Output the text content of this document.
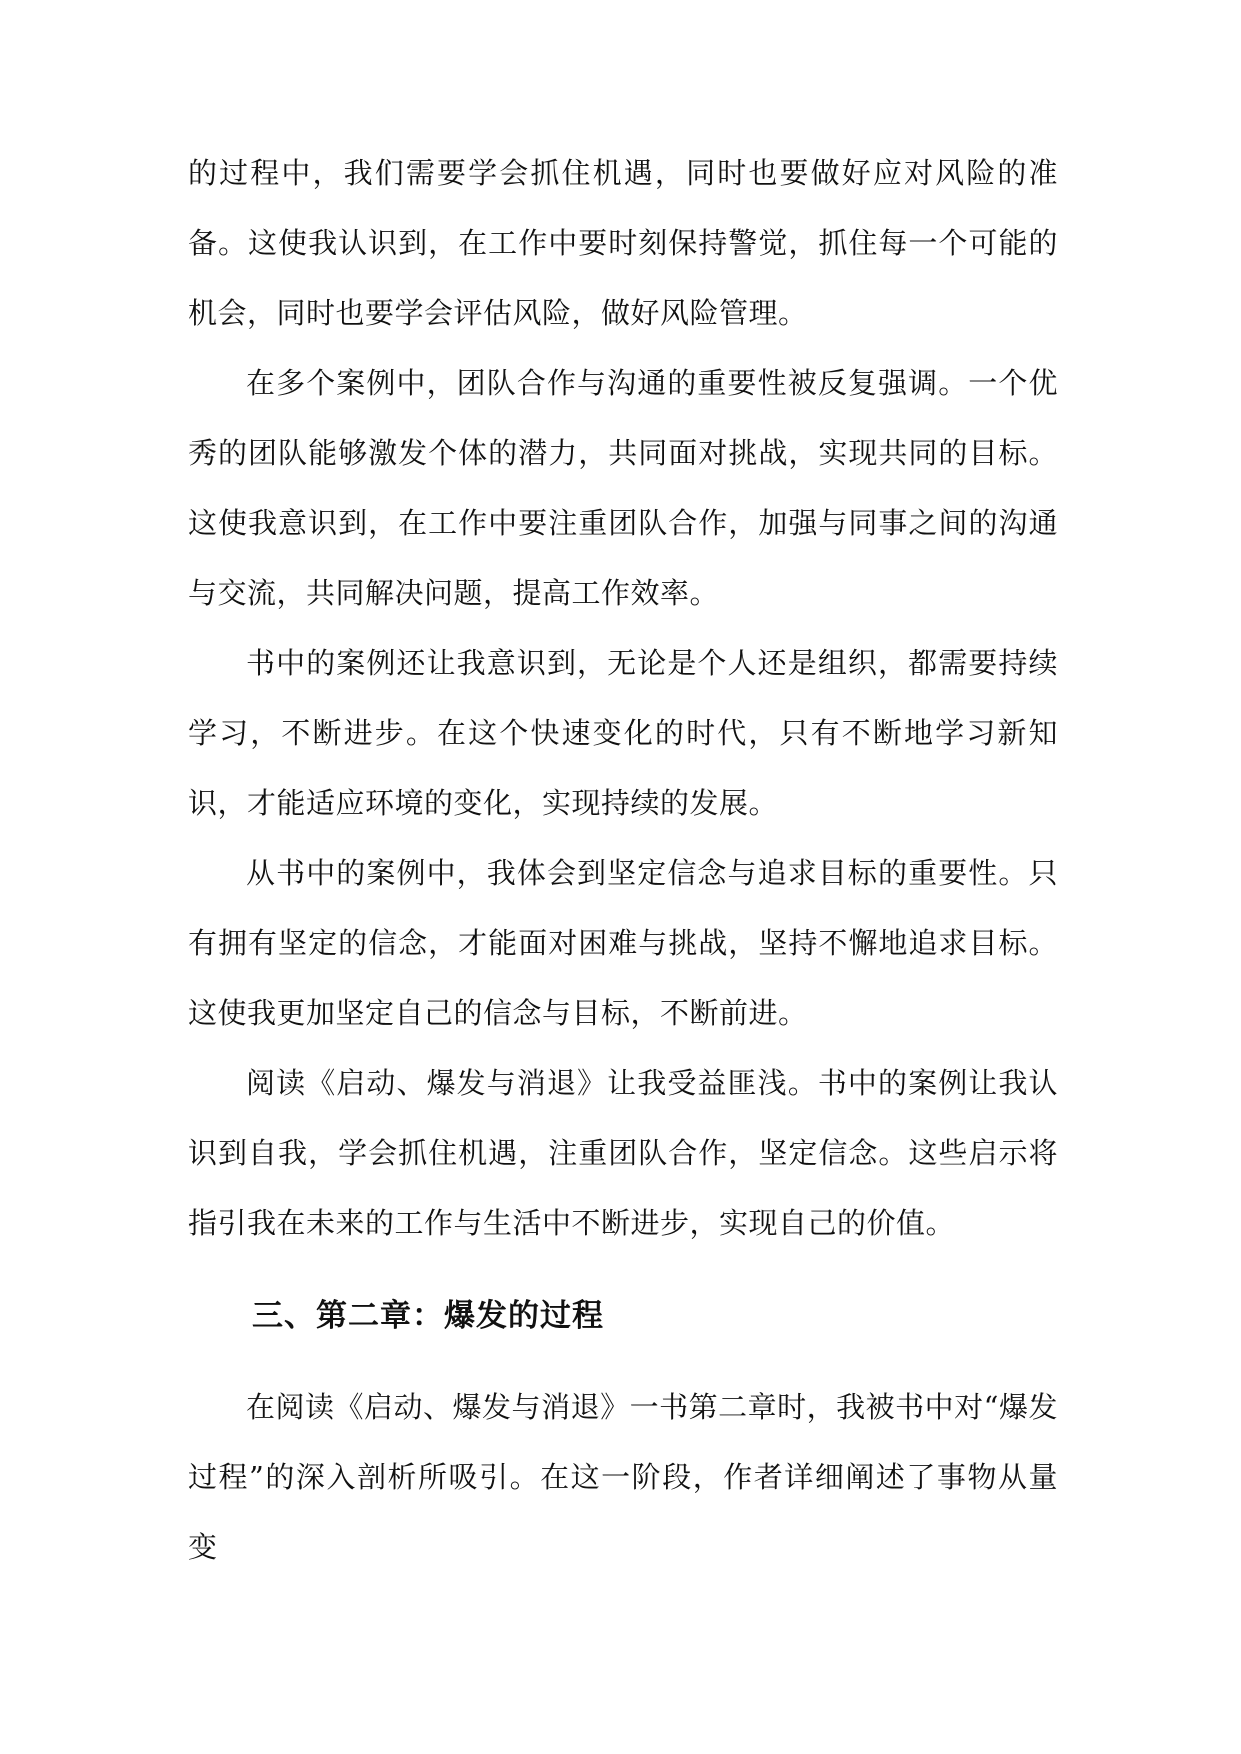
的过程中，我们需要学会抓住机遇，同时也要做好应对风险的准备。这使我认识到，在工作中要时刻保持警觉，抓住每一个可能的机会，同时也要学会评估风险，做好风险管理。

在多个案例中，团队合作与沟通的重要性被反复强调。一个优秀的团队能够激发个体的潜力，共同面对挑战，实现共同的目标。这使我意识到，在工作中要注重团队合作，加强与同事之间的沟通与交流，共同解决问题，提高工作效率。

书中的案例还让我意识到，无论是个人还是组织，都需要持续学习，不断进步。在这个快速变化的时代，只有不断地学习新知识，才能适应环境的变化，实现持续的发展。

从书中的案例中，我体会到坚定信念与追求目标的重要性。只有拥有坚定的信念，才能面对困难与挑战，坚持不懈地追求目标。这使我更加坚定自己的信念与目标，不断前进。

阅读《启动、爆发与消退》让我受益匪浅。书中的案例让我认识到自我，学会抓住机遇，注重团队合作，坚定信念。这些启示将指引我在未来的工作与生活中不断进步，实现自己的价值。

三、第二章：爆发的过程

在阅读《启动、爆发与消退》一书第二章时，我被书中对“爆发过程”的深入剖析所吸引。在这一阶段，作者详细阐述了事物从量变
